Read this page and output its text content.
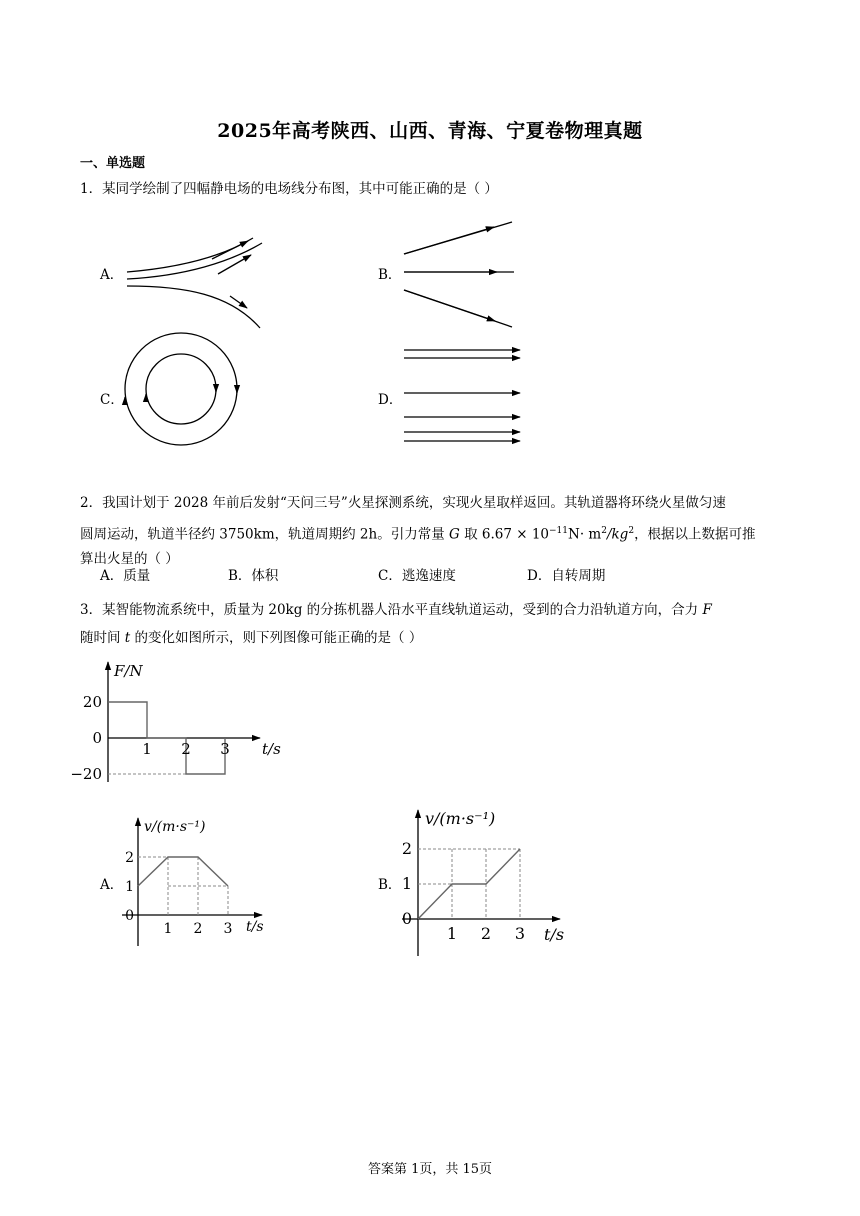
2025年高考陕西、山西、青海、宁夏卷物理真题
一、单选题
1．某同学绘制了四幅静电场的电场线分布图，其中可能正确的是（ ）
A．	B．
C．	D．
2．我国计划于 2028 年前后发射“天问三号”火星探测系统，实现火星取样返回。其轨道器将环绕火星做匀速
圆周运动，轨道半径约 3750km，轨道周期约 2h。引力常量 G 取 $6.67 \times 10^{-11}N\cdot m^2/kg^2$，根据以上数据可推
算出火星的（ ）
A．质量	B．体积	C．逃逸速度	D．自转周期
3．某智能物流系统中，质量为 20kg 的分拣机器人沿水平直线轨道运动，受到的合力沿轨道方向，合力 F
随时间 t 的变化如图所示，则下列图像可能正确的是（ ）
A．	B．
1 2 3
20
0
−20
t/s
F/N
1 2 3
0
1
2
t/s
v/(m·s⁻¹)
1 2 3
0
1
2
t/s
v/(m·s⁻¹)
答案第 1页，共 15页
